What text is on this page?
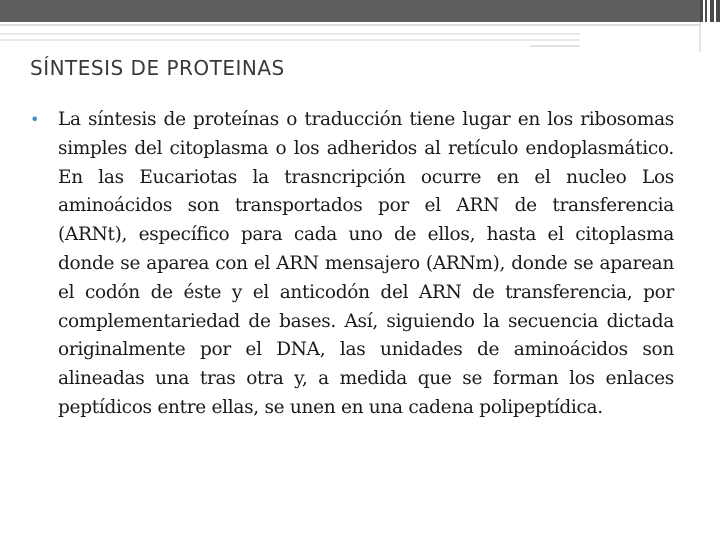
SÍNTESIS DE PROTEINAS
• La síntesis de proteínas o traducción tiene lugar en los ribosomas simples del citoplasma o los adheridos al retículo endoplasmático. En las Eucariotas la trasncripción ocurre en el nucleo Los aminoácidos son transportados por el ARN de transferencia (ARNt), específico para cada uno de ellos, hasta el citoplasma donde se aparea con el ARN mensajero (ARNm), donde se aparean el codón de éste y el anticodón del ARN de transferencia, por complementariedad de bases. Así, siguiendo la secuencia dictada originalmente por el DNA, las unidades de aminoácidos son alineadas una tras otra y, a medida que se forman los enlaces peptídicos entre ellas, se unen en una cadena polipeptídica.
